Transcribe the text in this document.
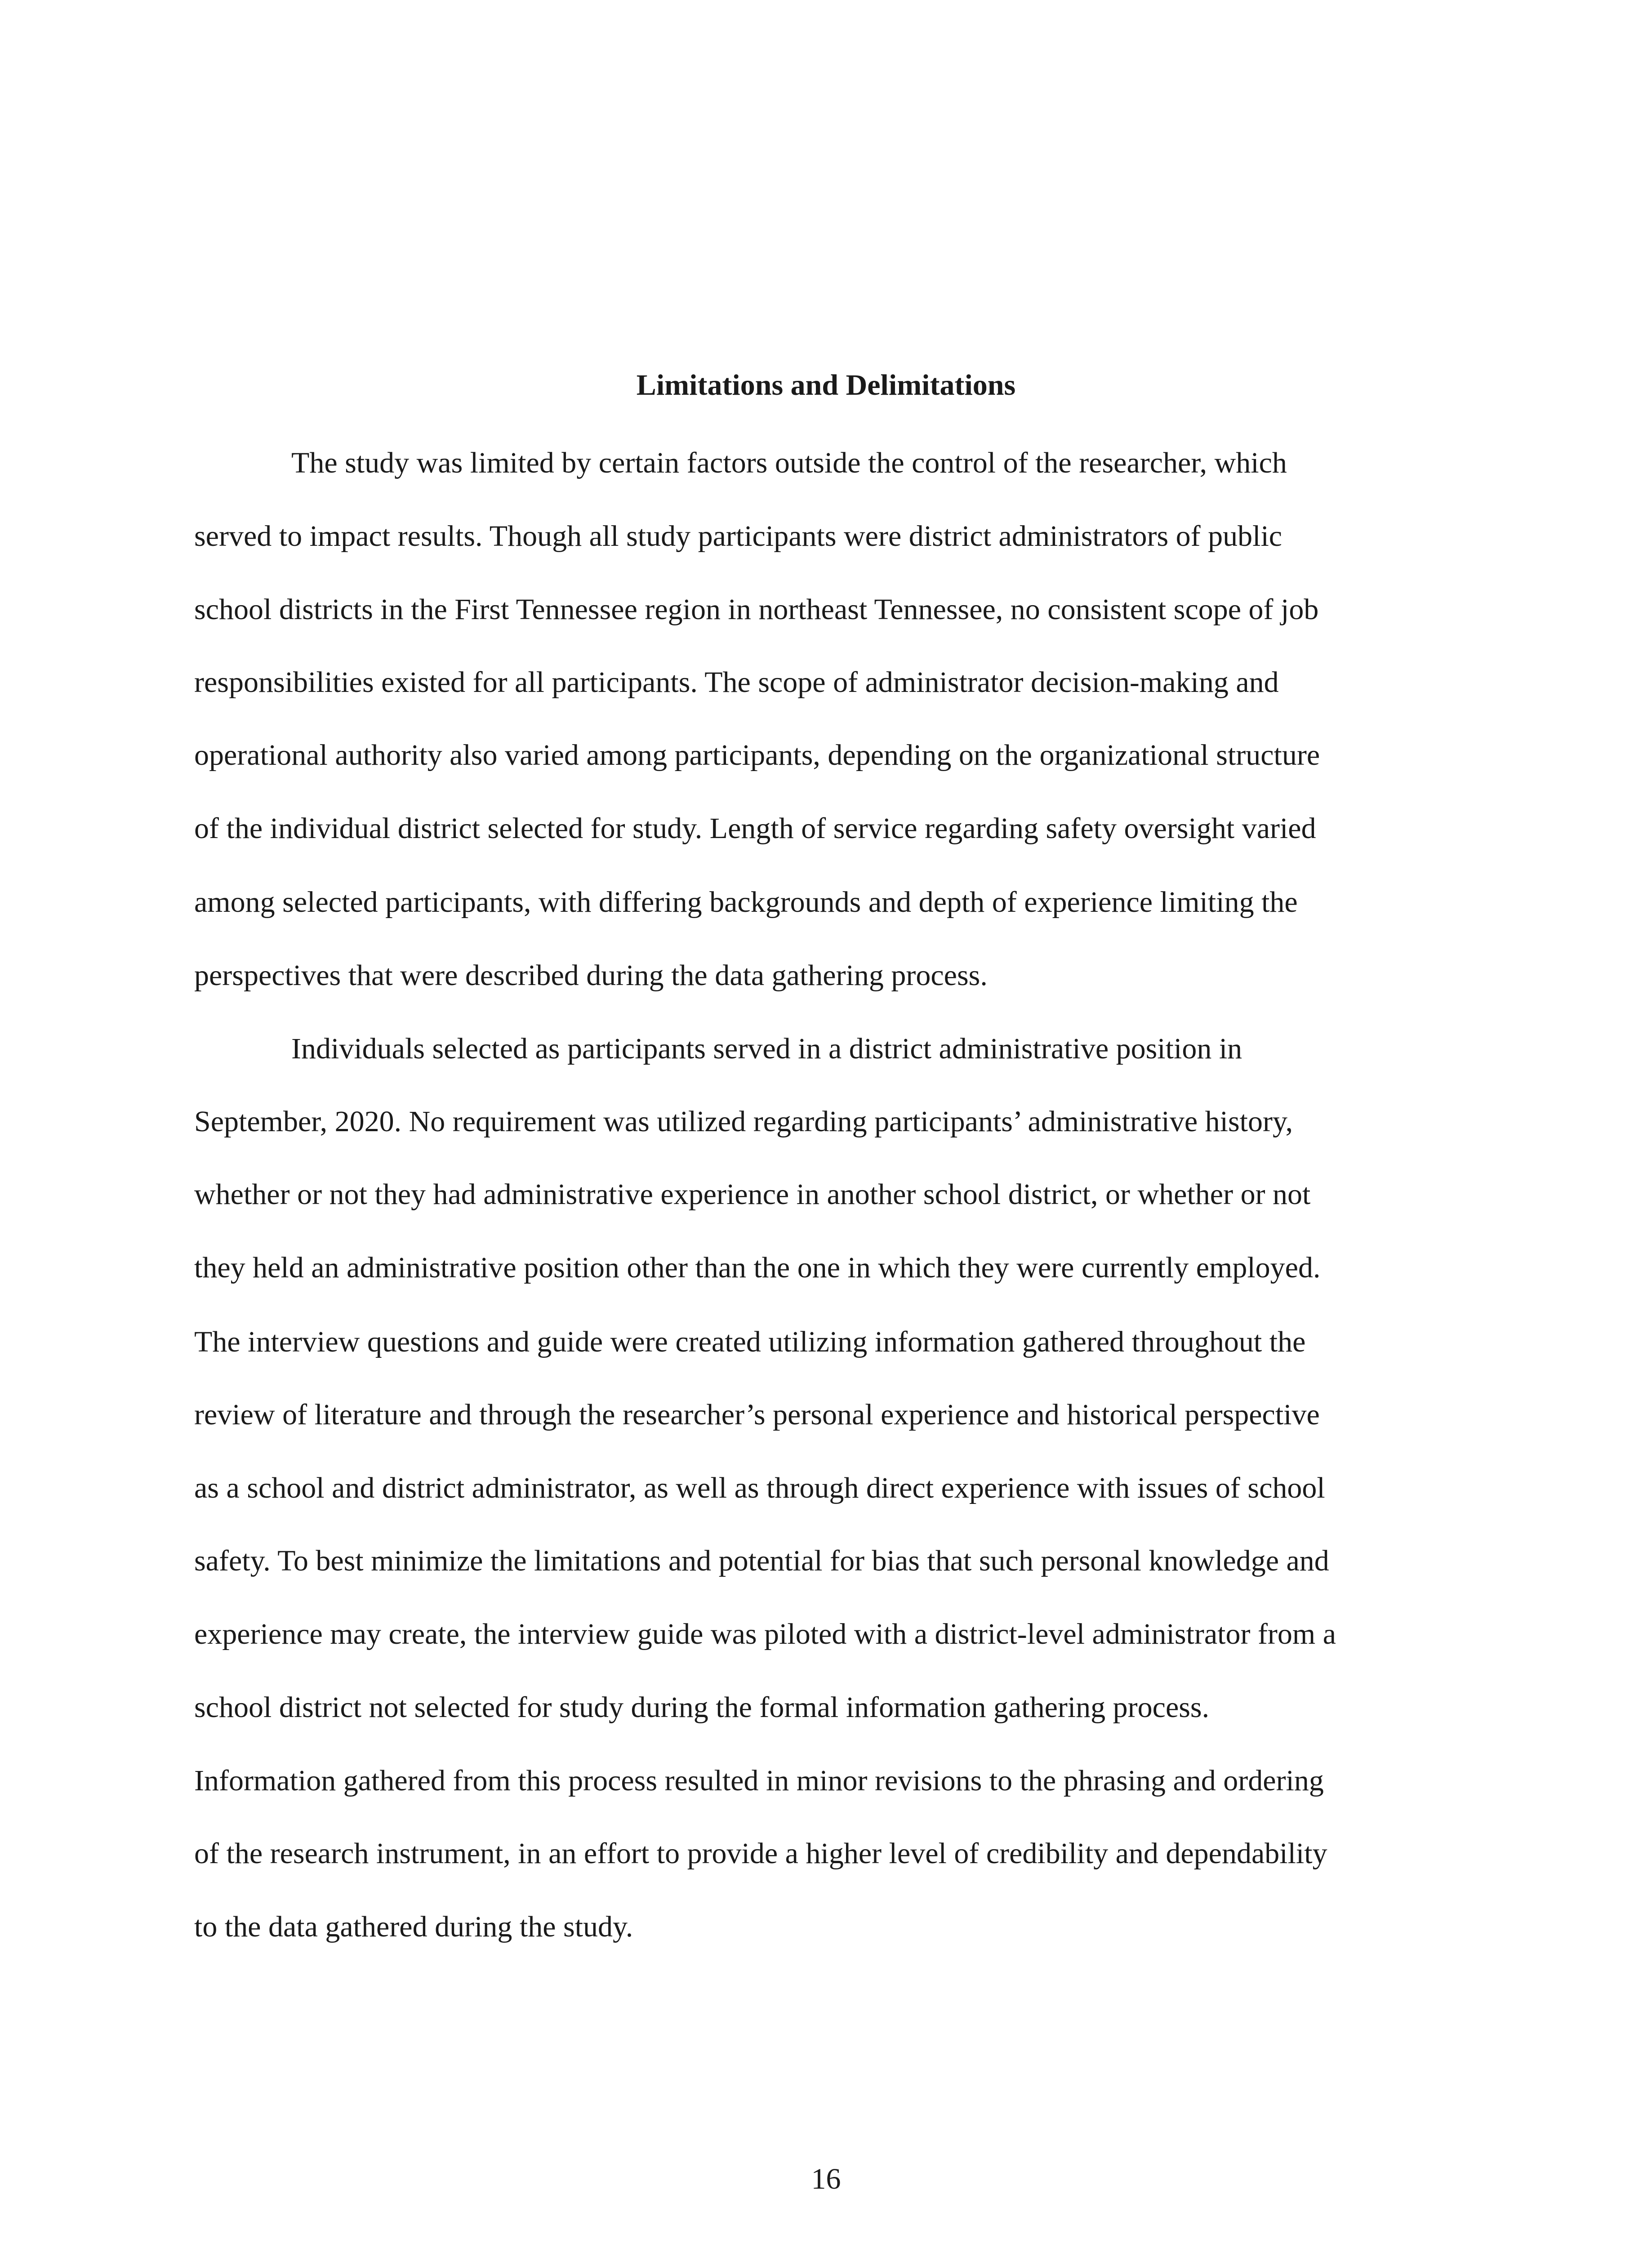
Limitations and Delimitations

The study was limited by certain factors outside the control of the researcher, which

served to impact results. Though all study participants were district administrators of public

school districts in the First Tennessee region in northeast Tennessee, no consistent scope of job

responsibilities existed for all participants. The scope of administrator decision-making and

operational authority also varied among participants, depending on the organizational structure

of the individual district selected for study. Length of service regarding safety oversight varied

among selected participants, with differing backgrounds and depth of experience limiting the

perspectives that were described during the data gathering process.

Individuals selected as participants served in a district administrative position in

September, 2020. No requirement was utilized regarding participants’ administrative history,

whether or not they had administrative experience in another school district, or whether or not

they held an administrative position other than the one in which they were currently employed.

The interview questions and guide were created utilizing information gathered throughout the

review of literature and through the researcher’s personal experience and historical perspective

as a school and district administrator, as well as through direct experience with issues of school

safety. To best minimize the limitations and potential for bias that such personal knowledge and

experience may create, the interview guide was piloted with a district-level administrator from a

school district not selected for study during the formal information gathering process.

Information gathered from this process resulted in minor revisions to the phrasing and ordering

of the research instrument, in an effort to provide a higher level of credibility and dependability

to the data gathered during the study.

16
